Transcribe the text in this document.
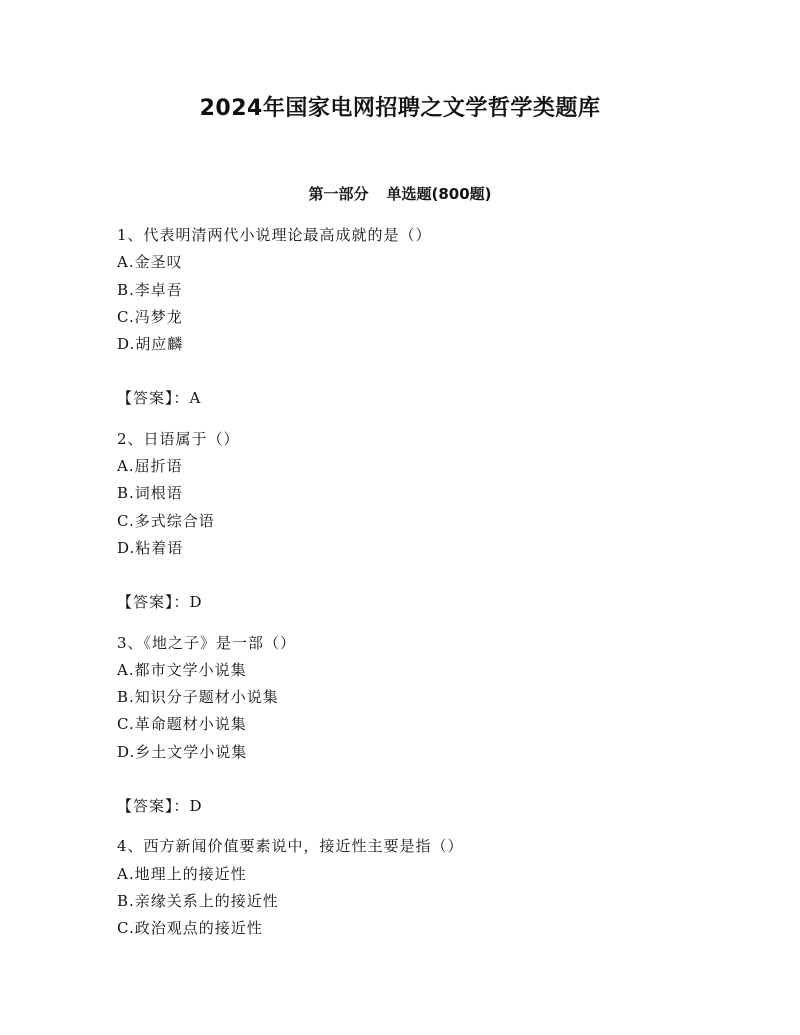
2024年国家电网招聘之文学哲学类题库
第一部分 单选题(800题)
1、代表明清两代小说理论最高成就的是（）
A.金圣叹
B.李卓吾
C.冯梦龙
D.胡应麟
【答案】：A
2、日语属于（）
A.屈折语
B.词根语
C.多式综合语
D.粘着语
【答案】：D
3、《地之子》是一部（）
A.都市文学小说集
B.知识分子题材小说集
C.革命题材小说集
D.乡土文学小说集
【答案】：D
4、西方新闻价值要素说中，接近性主要是指（）
A.地理上的接近性
B.亲缘关系上的接近性
C.政治观点的接近性
